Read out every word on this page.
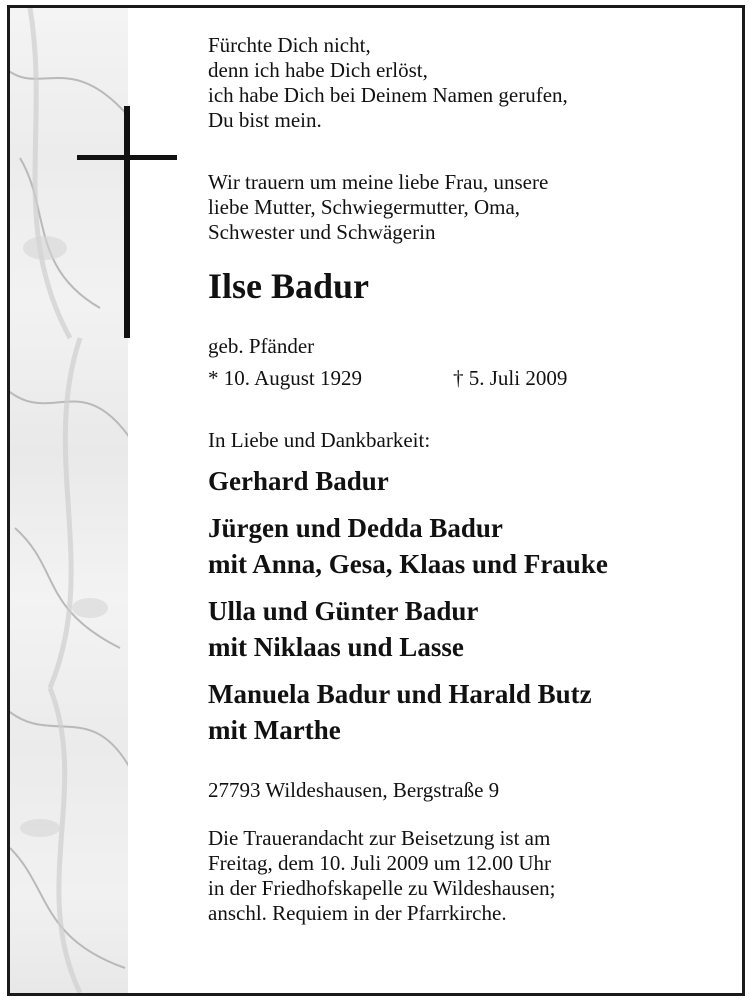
Fürchte Dich nicht,
denn ich habe Dich erlöst,
ich habe Dich bei Deinem Namen gerufen,
Du bist mein.
Wir trauern um meine liebe Frau, unsere
liebe Mutter, Schwiegermutter, Oma,
Schwester und Schwägerin
Ilse Badur
geb. Pfänder
* 10. August 1929	† 5. Juli 2009
In Liebe und Dankbarkeit:
Gerhard Badur
Jürgen und Dedda Badur
mit Anna, Gesa, Klaas und Frauke
Ulla und Günter Badur
mit Niklaas und Lasse
Manuela Badur und Harald Butz
mit Marthe
27793 Wildeshausen, Bergstraße 9
Die Trauerandacht zur Beisetzung ist am
Freitag, dem 10. Juli 2009 um 12.00 Uhr
in der Friedhofskapelle zu Wildeshausen;
anschl. Requiem in der Pfarrkirche.
